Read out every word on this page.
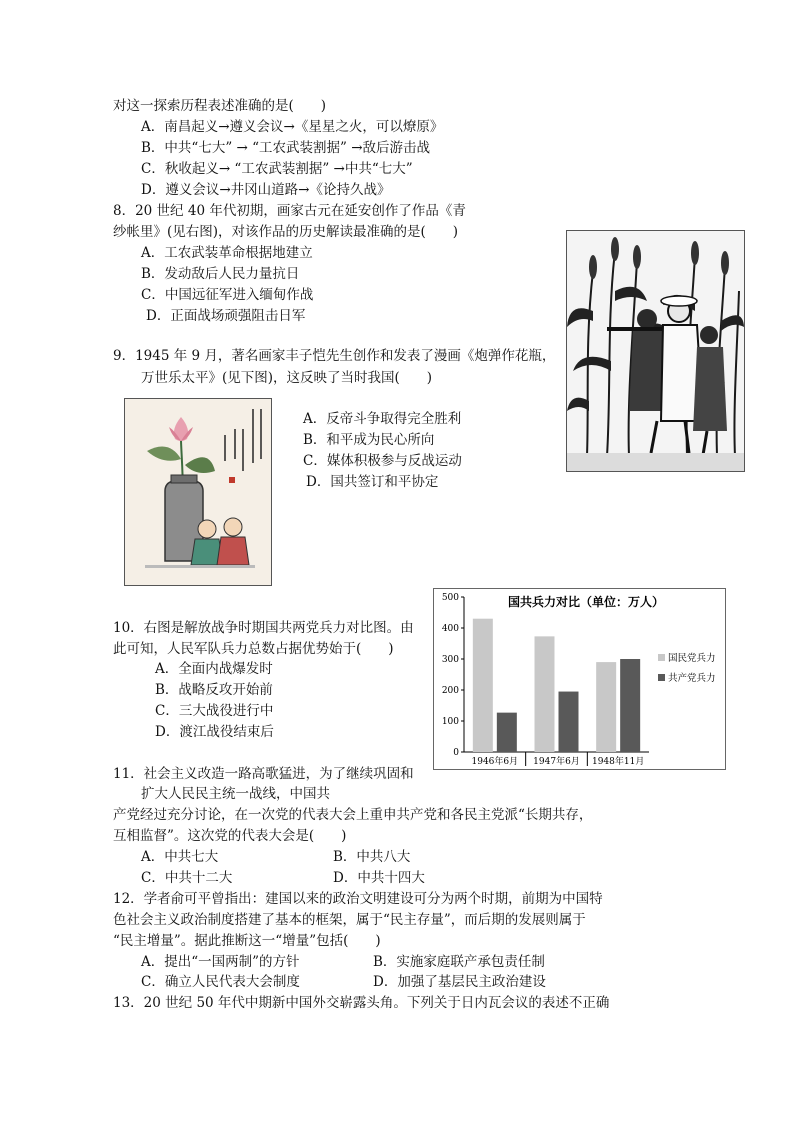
对这一探索历程表述准确的是(　　)
A．南昌起义→遵义会议→《星星之火，可以燎原》
B．中共“七大” → “工农武装割据” →敌后游击战
C．秋收起义→ “工农武装割据” →中共“七大”
D．遵义会议→井冈山道路→《论持久战》
8．20 世纪 40 年代初期，画家古元在延安创作了作品《青
纱帐里》(见右图)，对该作品的历史解读最准确的是(　　)
A．工农武装革命根据地建立
B．发动敌后人民力量抗日
C．中国远征军进入缅甸作战
D．正面战场顽强阻击日军
9．1945 年 9 月，著名画家丰子恺先生创作和发表了漫画《炮弹作花瓶，
万世乐太平》(见下图)，这反映了当时我国(　　)
A．反帝斗争取得完全胜利
B．和平成为民心所向
C．媒体积极参与反战运动
D．国共签订和平协定
10．右图是解放战争时期国共两党兵力对比图。由
此可知，人民军队兵力总数占据优势始于(　　)
A．全面内战爆发时
B．战略反攻开始前
C．三大战役进行中
D．渡江战役结束后
国共兵力对比（单位：万人）
0
100
200
300
400
500
1946年6月 1947年6月 1948年11月
国民党兵力
共产党兵力
11．社会主义改造一路高歌猛进，为了继续巩固和
扩大人民民主统一战线，中国共
产党经过充分讨论，在一次党的代表大会上重申共产党和各民主党派“长期共存，
互相监督”。这次党的代表大会是(　　)
A．中共七大	B．中共八大
C．中共十二大	D．中共十四大
12．学者俞可平曾指出：建国以来的政治文明建设可分为两个时期，前期为中国特
色社会主义政治制度搭建了基本的框架，属于“民主存量”，而后期的发展则属于
“民主增量”。据此推断这一“增量”包括(　　)
A．提出“一国两制”的方针	B．实施家庭联产承包责任制
C．确立人民代表大会制度	D．加强了基层民主政治建设
13．20 世纪 50 年代中期新中国外交崭露头角。下列关于日内瓦会议的表述不正确
